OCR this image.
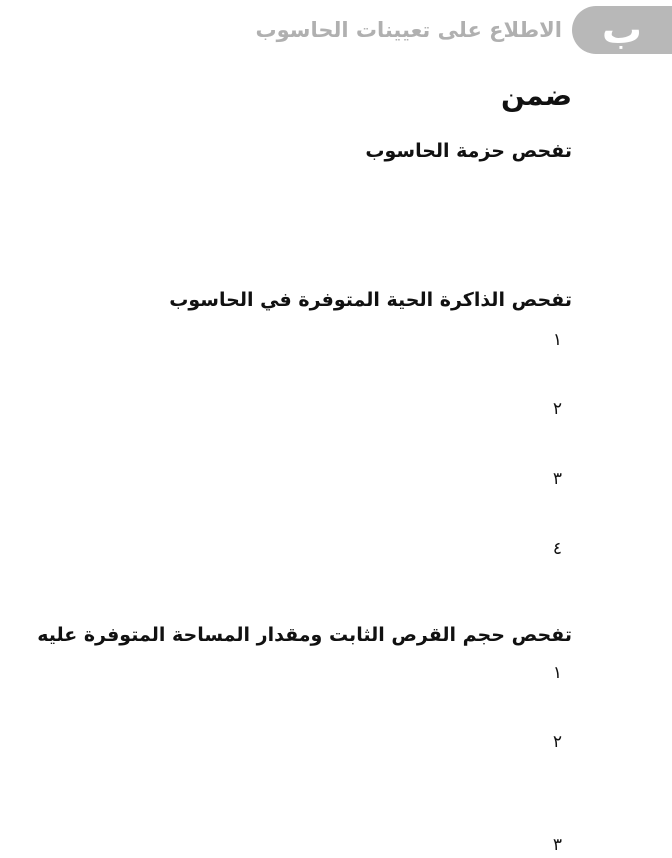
ب
الاطلاع على تعيينات الحاسوب
ضمن
تفحص حزمة الحاسوب
تفحص الذاكرة الحية المتوفرة في الحاسوب
١
٢
٣
٤
تفحص حجم القرص الثابت ومقدار المساحة المتوفرة عليه
١
٢
٣
